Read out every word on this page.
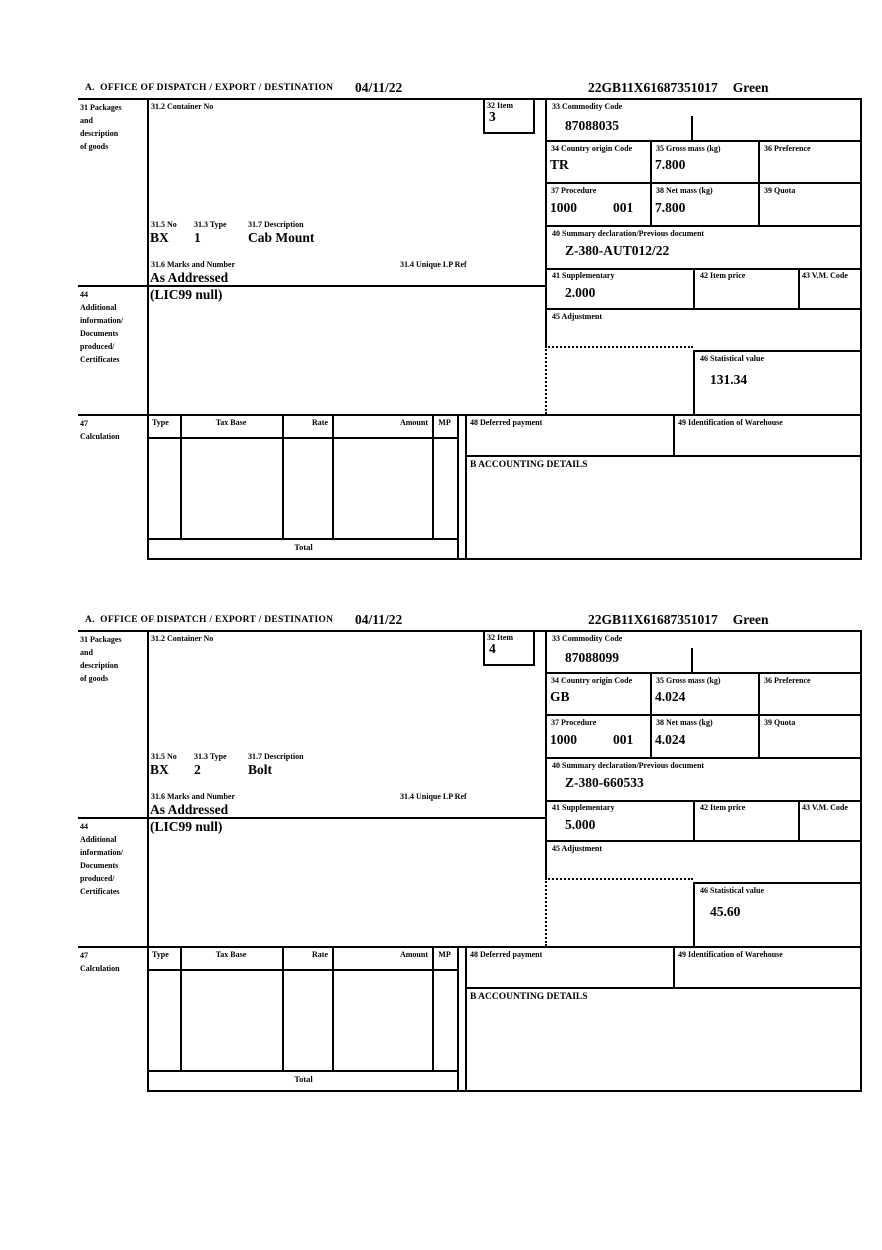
A.  OFFICE OF DISPATCH / EXPORT / DESTINATION 04/11/22	22GB11X61687351017 Green
31 Packages
and
description
of goods
44
Additional
information/
Documents
produced/
Certificates
47
Calculation
31.2 Container No
31.5 No 31.3 Type	31.7 Description
BX 1	Cab Mount
31.6 Marks and Number	31.4 Unique LP Ref
As Addressed
(LIC99 null)
32 Item
3
33 Commodity Code
87088035
34 Country origin Code
TR
35 Gross mass (kg)
7.800
36 Preference
37 Procedure
1000	001
38 Net mass (kg)
7.800
39 Quota
40 Summary declaration/Previous document
Z-380-AUT012/22
41 Supplementary
2.000
42 Item price	43 V.M. Code
45 Adjustment
46 Statistical value
131.34
Type	Tax Base	Rate	Amount	MP
Total
48 Deferred payment	49 Identification of Warehouse
B ACCOUNTING DETAILS
A.  OFFICE OF DISPATCH / EXPORT / DESTINATION 04/11/22	22GB11X61687351017 Green
31 Packages
and
description
of goods
44
Additional
information/
Documents
produced/
Certificates
47
Calculation
31.2 Container No
31.5 No 31.3 Type	31.7 Description
BX 2	Bolt
31.6 Marks and Number	31.4 Unique LP Ref
As Addressed
(LIC99 null)
32 Item
4
33 Commodity Code
87088099
34 Country origin Code
GB
35 Gross mass (kg)
4.024
36 Preference
37 Procedure
1000	001
38 Net mass (kg)
4.024
39 Quota
40 Summary declaration/Previous document
Z-380-660533
41 Supplementary
5.000
42 Item price	43 V.M. Code
45 Adjustment
46 Statistical value
45.60
Type	Tax Base	Rate	Amount	MP
Total
48 Deferred payment	49 Identification of Warehouse
B ACCOUNTING DETAILS
